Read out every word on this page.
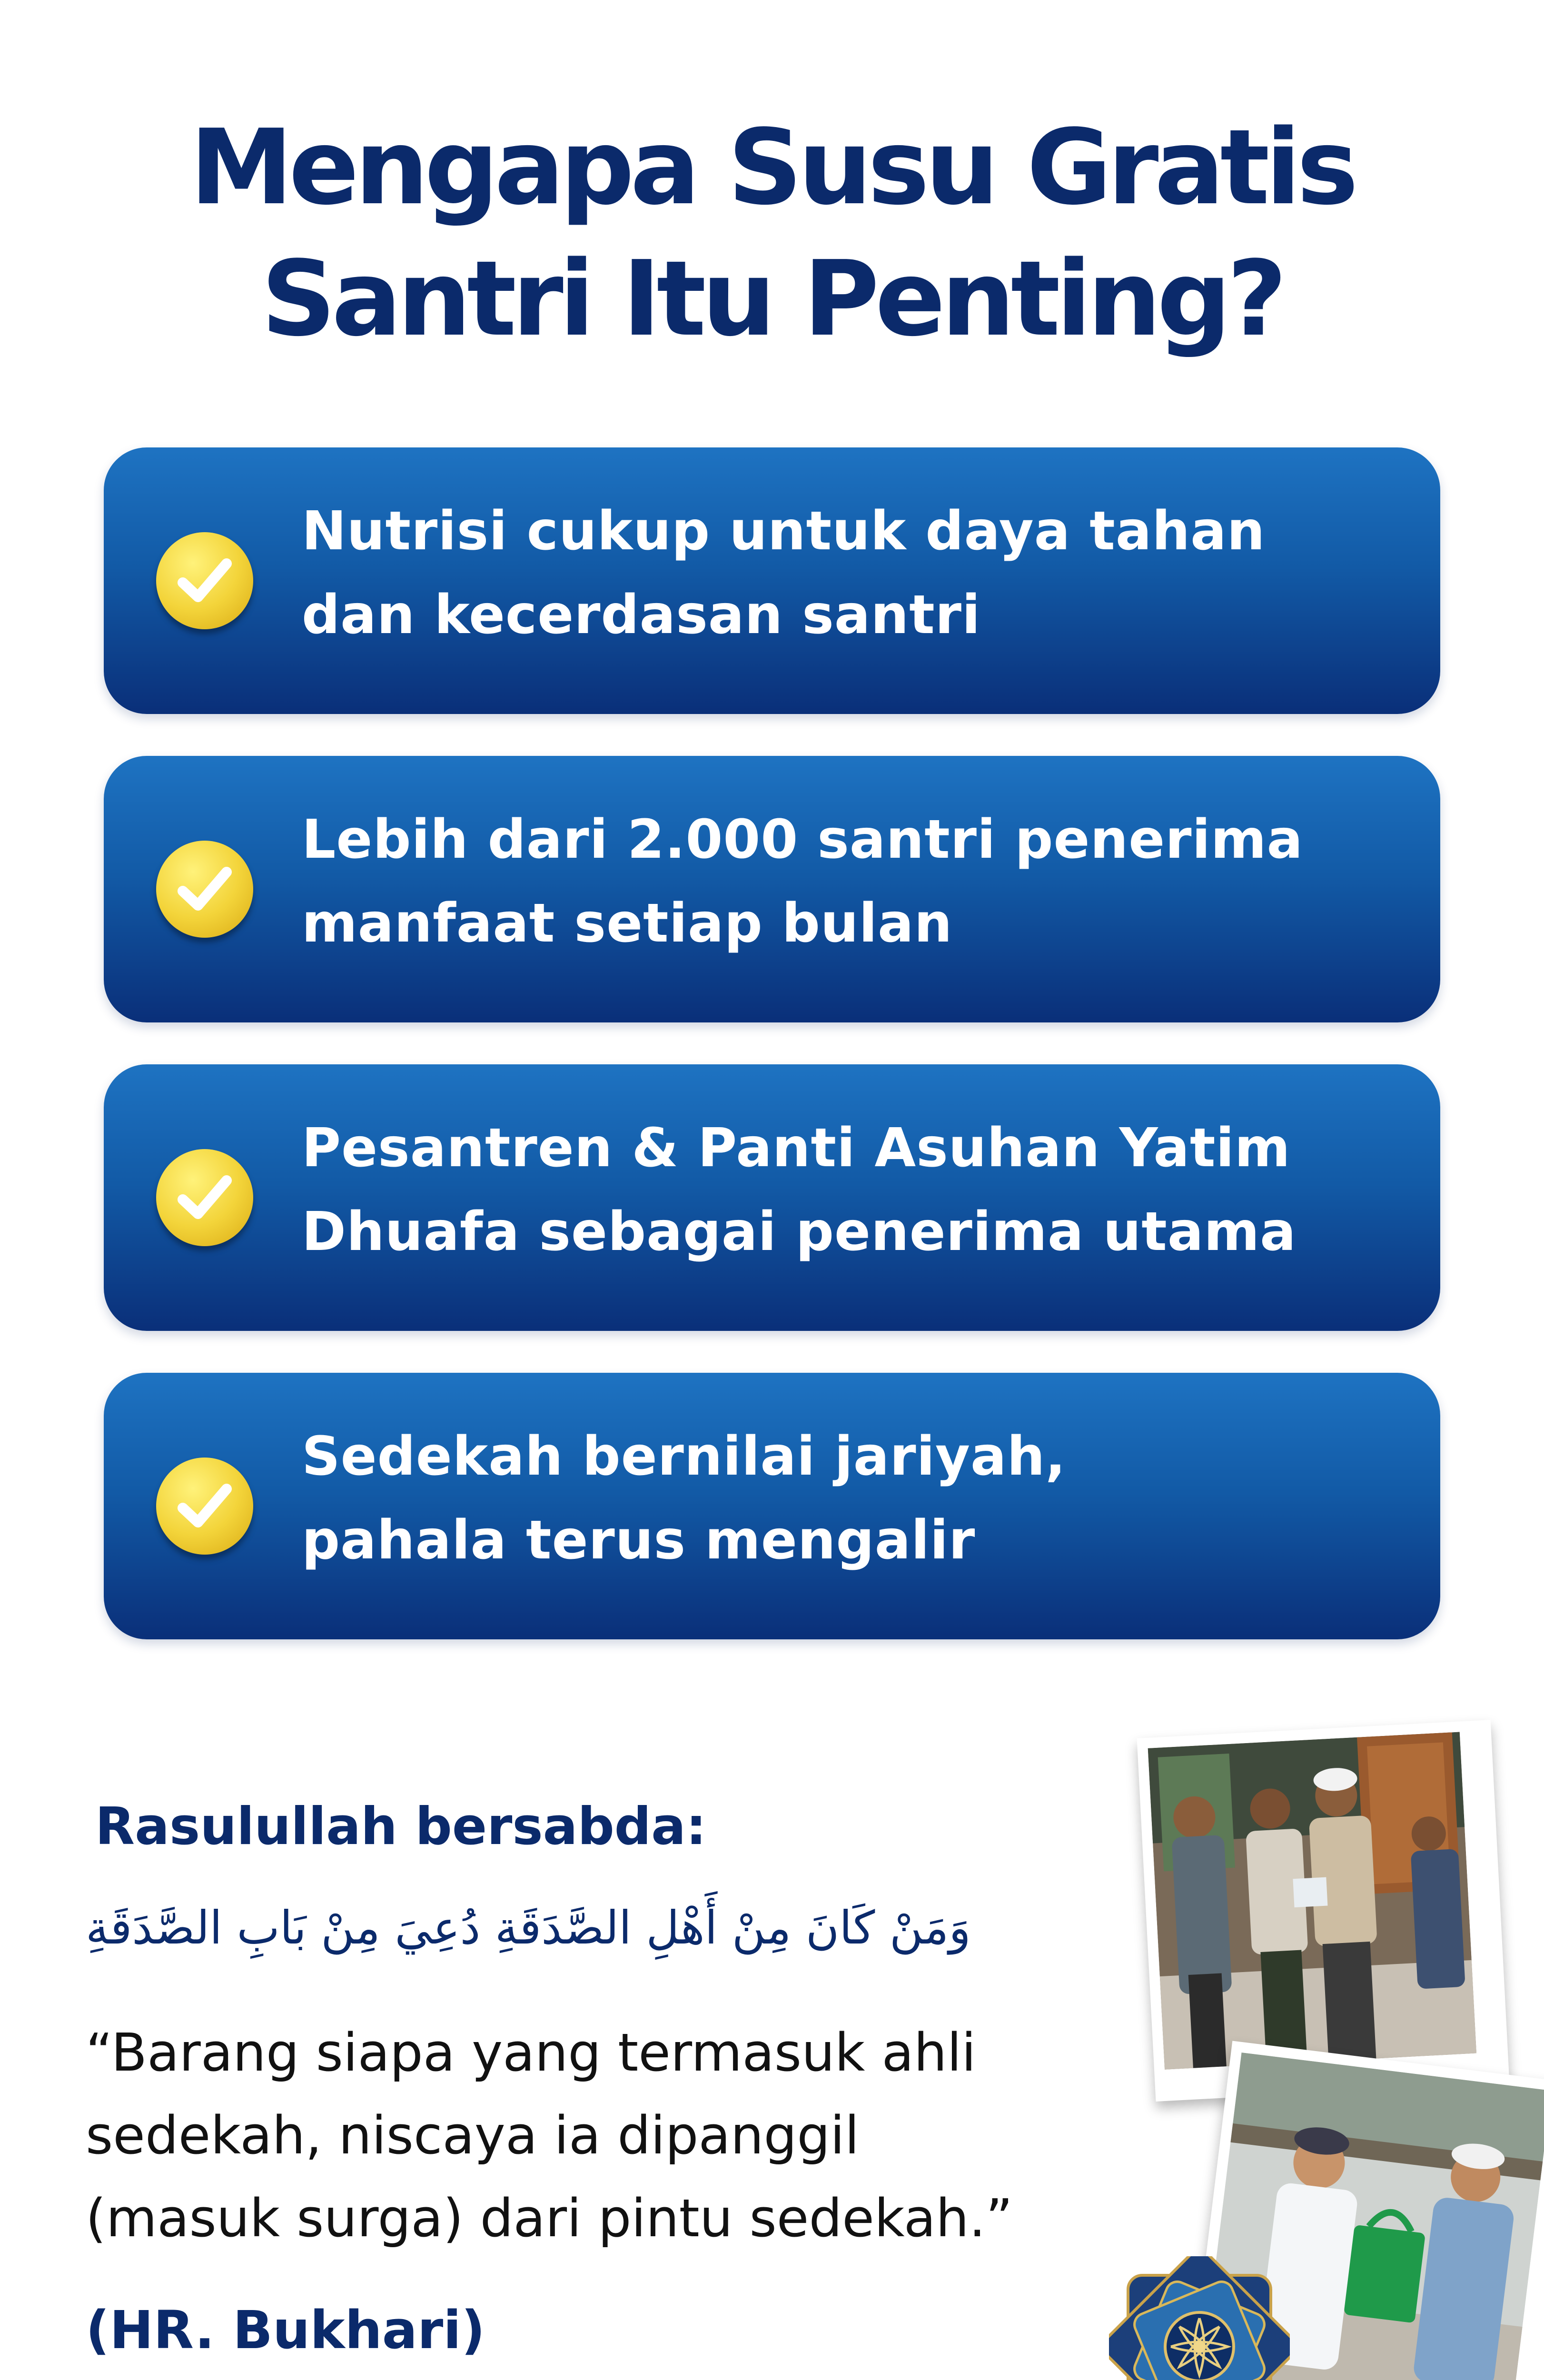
Mengapa Susu Gratis
Santri Itu Penting?
Nutrisi cukup untuk daya tahan
dan kecerdasan santri
Lebih dari 2.000 santri penerima
manfaat setiap bulan
Pesantren & Panti Asuhan Yatim
Dhuafa sebagai penerima utama
Sedekah bernilai jariyah,
pahala terus mengalir
Rasulullah bersabda:
وَمَنْ كَانَ مِنْ أَهْلِ الصَّدَقَةِ دُعِيَ مِنْ بَابِ الصَّدَقَةِ
“Barang siapa yang termasuk ahli
sedekah, niscaya ia dipanggil
(masuk surga) dari pintu sedekah.”
(HR. Bukhari)
